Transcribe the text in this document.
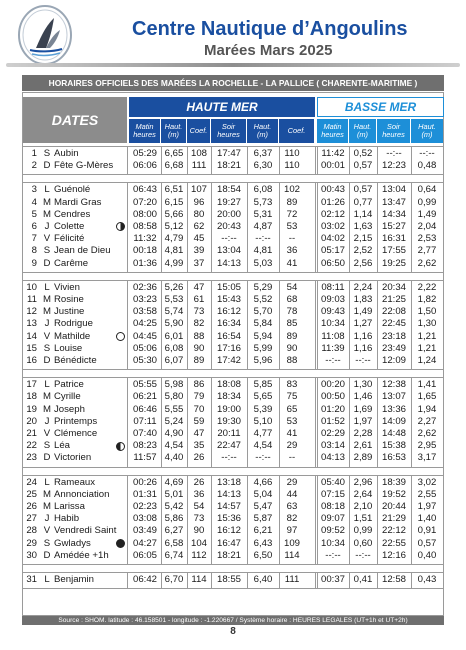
Centre Nautique d’Angoulins
Marées Mars 2025
HORAIRES OFFICIELS DES MARÉES LA ROCHELLE - LA PALLICE ( CHARENTE-MARITIME )
DATES
HAUTE MER	BASSE MER
Matin
heures
Haut.
(m)	Coef.	Soir
heures
Haut.
(m)	Coef.	Matin
heures
Haut.
(m)
Soir
heures
Haut.
(m)
1 S Aubin	05:29 6,65 108	17:47	6,37	110	11:42 0,52	--:--	--:--
2 D Fête G-Mères	06:06 6,68 111	18:21	6,30	110	00:01 0,57	12:23	0,48
3 L Guénolé	06:43 6,51 107	18:54	6,08	102	00:43 0,57	13:04	0,64
4 M Mardi Gras	07:20 6,15	96	19:27	5,73	89	01:26 0,77	13:47	0,99
5 M Cendres	08:00 5,66	80	20:00	5,31	72	02:12 1,14	14:34	1,49
6 J Colette	08:58 5,12	62	20:43	4,87	53	03:02 1,63	15:27	2,04
7 V Félicité	11:32 4,79	45	--:--	--:--	--	04:02 2,15	16:31	2,53
8 S Jean de Dieu	00:18 4,81	39	13:04	4,81	36	05:17 2,52	17:55	2,77
9 D Carême	01:36 4,99	37	14:13	5,03	41	06:50 2,56	19:25	2,62
10 L Vivien	02:36 5,26	47	15:05	5,29	54	08:11 2,24	20:34	2,22
11 M Rosine	03:23 5,53	61	15:43	5,52	68	09:03 1,83	21:25	1,82
12 M Justine	03:58 5,74	73	16:12	5,70	78	09:43 1,49	22:08	1,50
13 J Rodrigue	04:25 5,90	82	16:34	5,84	85	10:34 1,27	22:45	1,30
14 V Mathilde	04:45 6,01	88	16:54	5,94	89	11:08 1,16	23:18	1,21
15 S Louise	05:06 6,08	90	17:16	5,99	90	11:39 1,16	23:49	1,21
16 D Bénédicte	05:30 6,07	89	17:42	5,96	88	--:--	--:--	12:09	1,24
17 L Patrice	05:55 5,98	86	18:08	5,85	83	00:20 1,30	12:38	1,41
18 M Cyrille	06:21 5,80	79	18:34	5,65	75	00:50 1,46	13:07	1,65
19 M Joseph	06:46 5,55	70	19:00	5,39	65	01:20 1,69	13:36	1,94
20 J Printemps	07:11 5,24	59	19:30	5,10	53	01:52 1,97	14:09	2,27
21 V Clémence	07:40 4,90	47	20:11	4,77	41	02:29 2,28	14:48	2,62
22 S Léa	08:23 4,54	35	22:47	4,54	29	03:14 2,61	15:38	2,95
23 D Victorien	11:57 4,40	26	--:--	--:--	--	04:13 2,89	16:53	3,17
24 L Rameaux	00:26 4,69	26	13:18	4,66	29	05:40 2,96	18:39	3,02
25 M Annonciation	01:31 5,01	36	14:13	5,04	44	07:15 2,64	19:52	2,55
26 M Larissa	02:23 5,42	54	14:57	5,47	63	08:18 2,10	20:44	1,97
27 J Habib	03:08 5,86	73	15:36	5,87	82	09:07 1,51	21:29	1,40
28 V Vendredi Saint	03:49 6,27	90	16:12	6,21	97	09:52 0,99	22:12	0,91
29 S Gwladys	04:27 6,58 104	16:47	6,43	109	10:34 0,60	22:55	0,57
30 D Amédée +1h	06:05 6,74 112	18:21	6,50	114	--:--	--:--	12:16	0,40
31 L Benjamin	06:42 6,70 114	18:55	6,40	111	00:37 0,41	12:58	0,43
Source : SHOM. latitude : 46.158501 - longitude : -1.220667 / Système horaire : HEURES LEGALES (UT+1h et UT+2h)
8
